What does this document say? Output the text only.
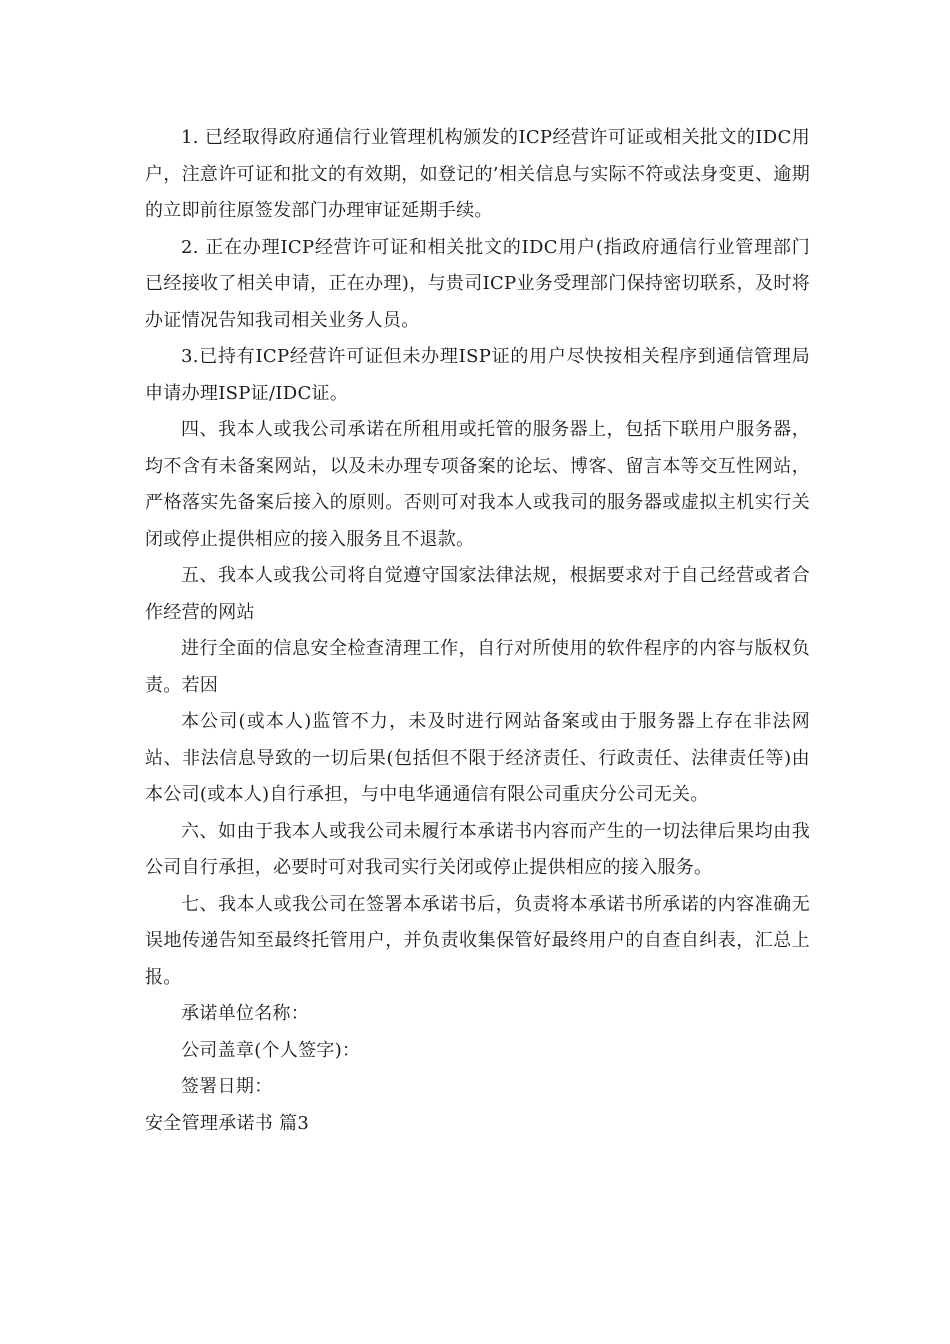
1. 已经取得政府通信行业管理机构颁发的ICP经营许可证或相关批文的IDC用户，注意许可证和批文的有效期，如登记的’相关信息与实际不符或法身变更、逾期的立即前往原签发部门办理审证延期手续。

2. 正在办理ICP经营许可证和相关批文的IDC用户(指政府通信行业管理部门已经接收了相关申请，正在办理)，与贵司ICP业务受理部门保持密切联系，及时将办证情况告知我司相关业务人员。

3.已持有ICP经营许可证但未办理ISP证的用户尽快按相关程序到通信管理局申请办理ISP证/IDC证。

四、我本人或我公司承诺在所租用或托管的服务器上，包括下联用户服务器，均不含有未备案网站，以及未办理专项备案的论坛、博客、留言本等交互性网站，严格落实先备案后接入的原则。否则可对我本人或我司的服务器或虚拟主机实行关闭或停止提供相应的接入服务且不退款。

五、我本人或我公司将自觉遵守国家法律法规，根据要求对于自己经营或者合作经营的网站

进行全面的信息安全检查清理工作，自行对所使用的软件程序的内容与版权负责。若因

本公司(或本人)监管不力，未及时进行网站备案或由于服务器上存在非法网站、非法信息导致的一切后果(包括但不限于经济责任、行政责任、法律责任等)由本公司(或本人)自行承担，与中电华通通信有限公司重庆分公司无关。

六、如由于我本人或我公司未履行本承诺书内容而产生的一切法律后果均由我公司自行承担，必要时可对我司实行关闭或停止提供相应的接入服务。

七、我本人或我公司在签署本承诺书后，负责将本承诺书所承诺的内容准确无误地传递告知至最终托管用户，并负责收集保管好最终用户的自查自纠表，汇总上报。

承诺单位名称：

公司盖章(个人签字)：

签署日期：

安全管理承诺书 篇3
